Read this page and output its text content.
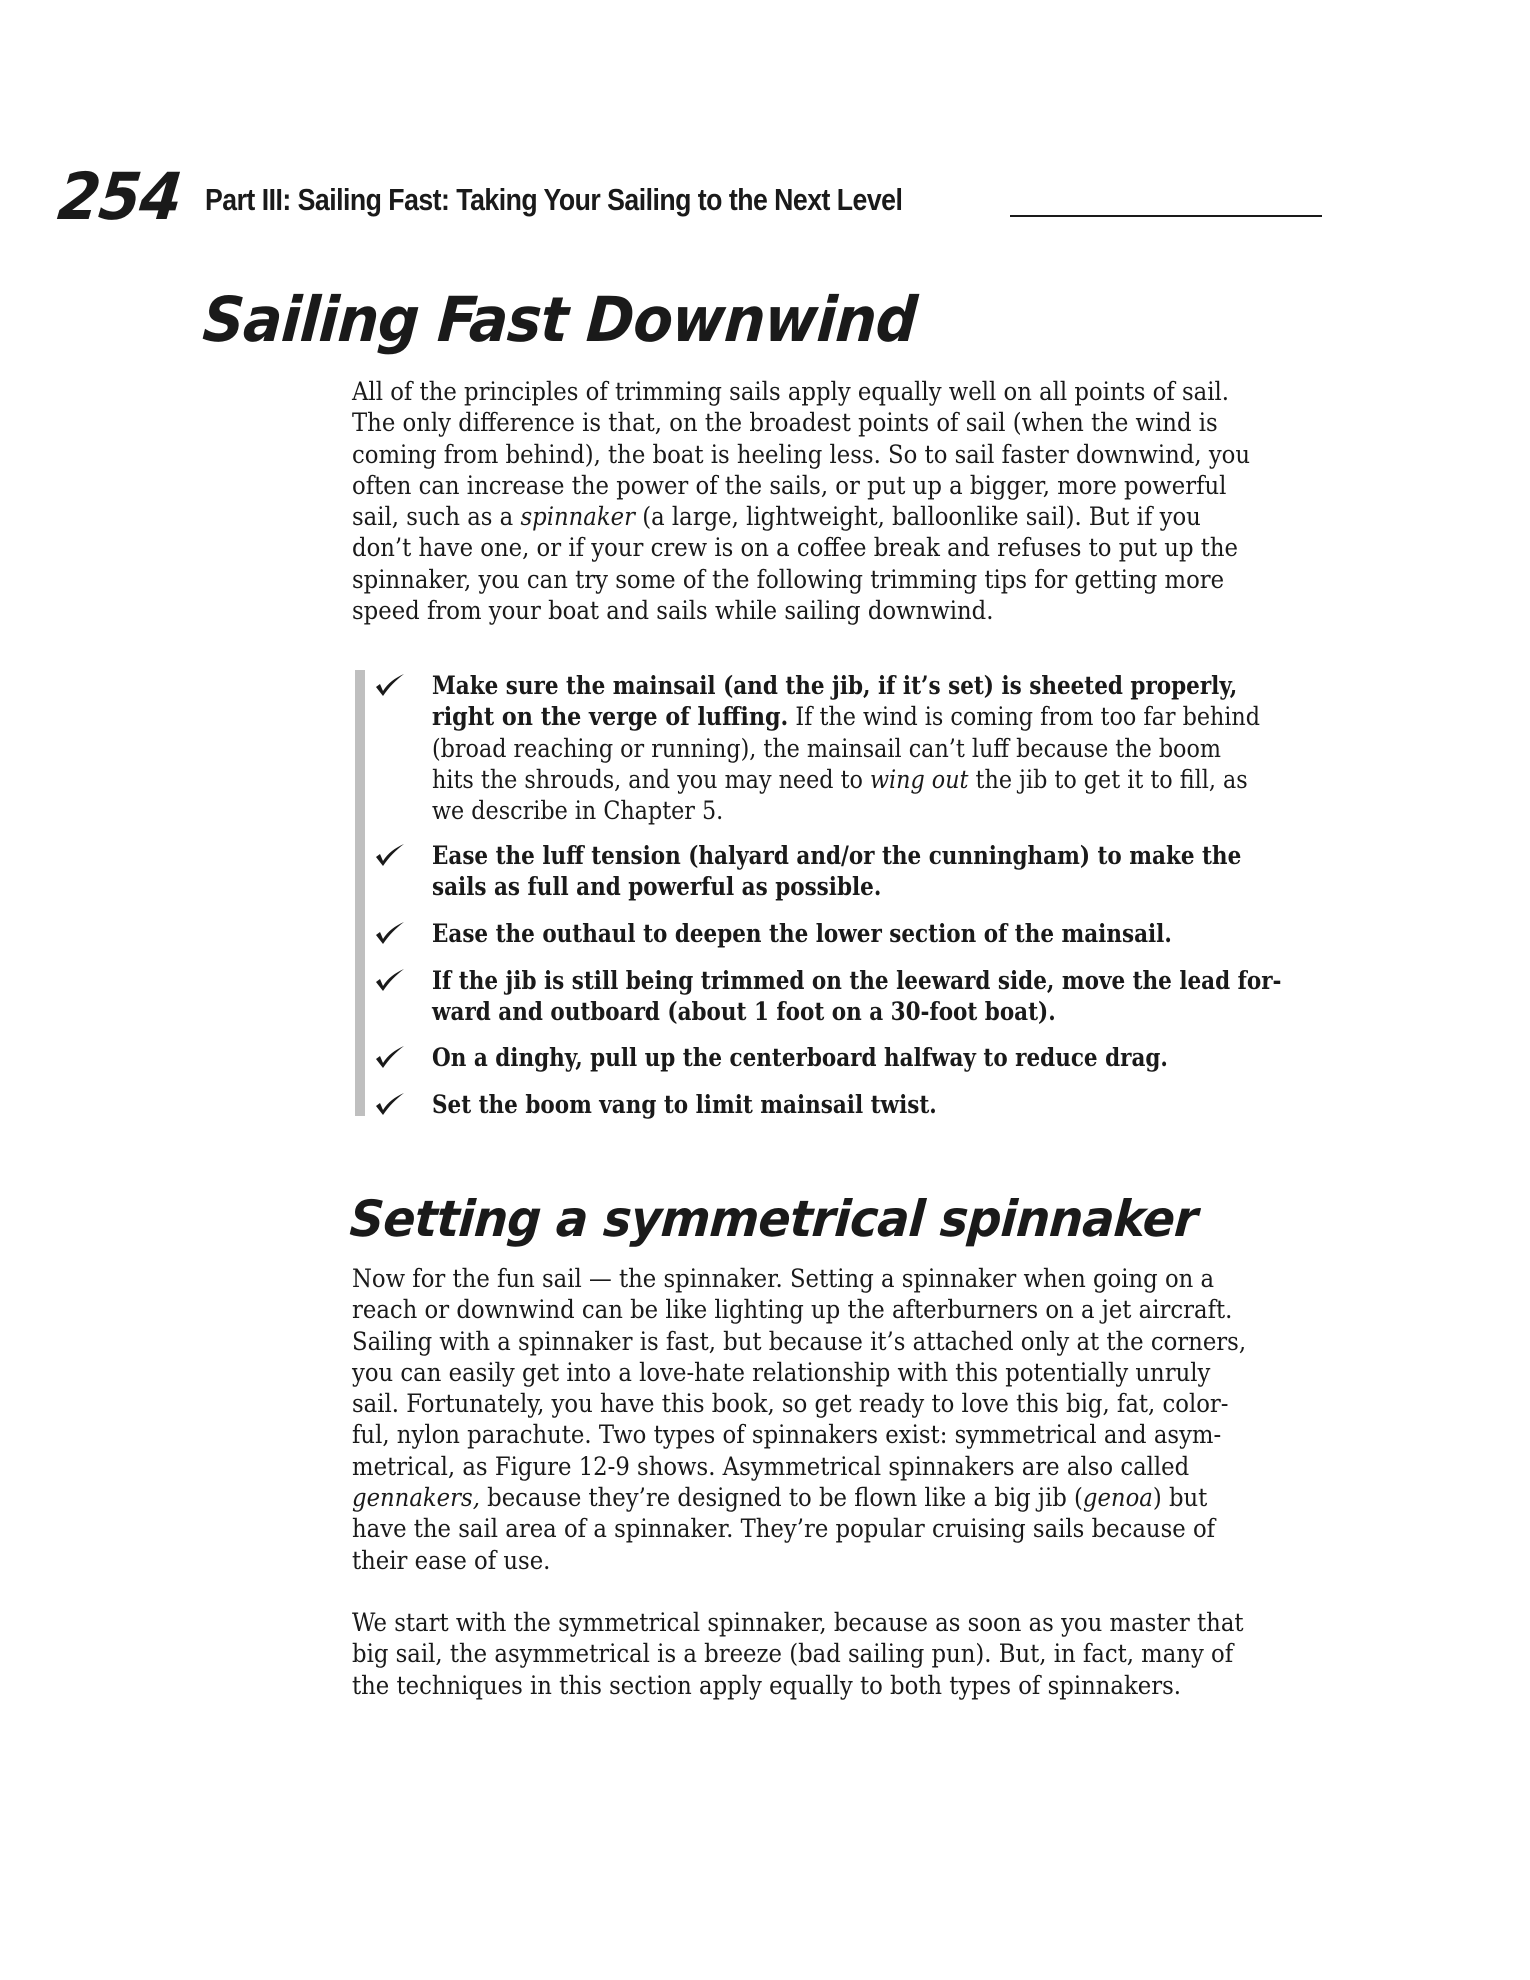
254 Part III: Sailing Fast: Taking Your Sailing to the Next Level
Sailing Fast Downwind
All of the principles of trimming sails apply equally well on all points of sail.
The only difference is that, on the broadest points of sail (when the wind is
coming from behind), the boat is heeling less. So to sail faster downwind, you
often can increase the power of the sails, or put up a bigger, more powerful
sail, such as a spinnaker (a large, lightweight, balloonlike sail). But if you
don’t have one, or if your crew is on a coffee break and refuses to put up the
spinnaker, you can try some of the following trimming tips for getting more
speed from your boat and sails while sailing downwind.
Make sure the mainsail (and the jib, if it’s set) is sheeted properly,
right on the verge of luffing. If the wind is coming from too far behind
(broad reaching or running), the mainsail can’t luff because the boom
hits the shrouds, and you may need to wing out the jib to get it to fill, as
we describe in Chapter 5.
Ease the luff tension (halyard and/or the cunningham) to make the
sails as full and powerful as possible.
Ease the outhaul to deepen the lower section of the mainsail.
If the jib is still being trimmed on the leeward side, move the lead for-
ward and outboard (about 1 foot on a 30-foot boat).
On a dinghy, pull up the centerboard halfway to reduce drag.
Set the boom vang to limit mainsail twist.
Setting a symmetrical spinnaker
Now for the fun sail — the spinnaker. Setting a spinnaker when going on a
reach or downwind can be like lighting up the afterburners on a jet aircraft.
Sailing with a spinnaker is fast, but because it’s attached only at the corners,
you can easily get into a love-hate relationship with this potentially unruly
sail. Fortunately, you have this book, so get ready to love this big, fat, color-
ful, nylon parachute. Two types of spinnakers exist: symmetrical and asym-
metrical, as Figure 12-9 shows. Asymmetrical spinnakers are also called
gennakers, because they’re designed to be flown like a big jib (genoa) but
have the sail area of a spinnaker. They’re popular cruising sails because of
their ease of use.
We start with the symmetrical spinnaker, because as soon as you master that
big sail, the asymmetrical is a breeze (bad sailing pun). But, in fact, many of
the techniques in this section apply equally to both types of spinnakers.
